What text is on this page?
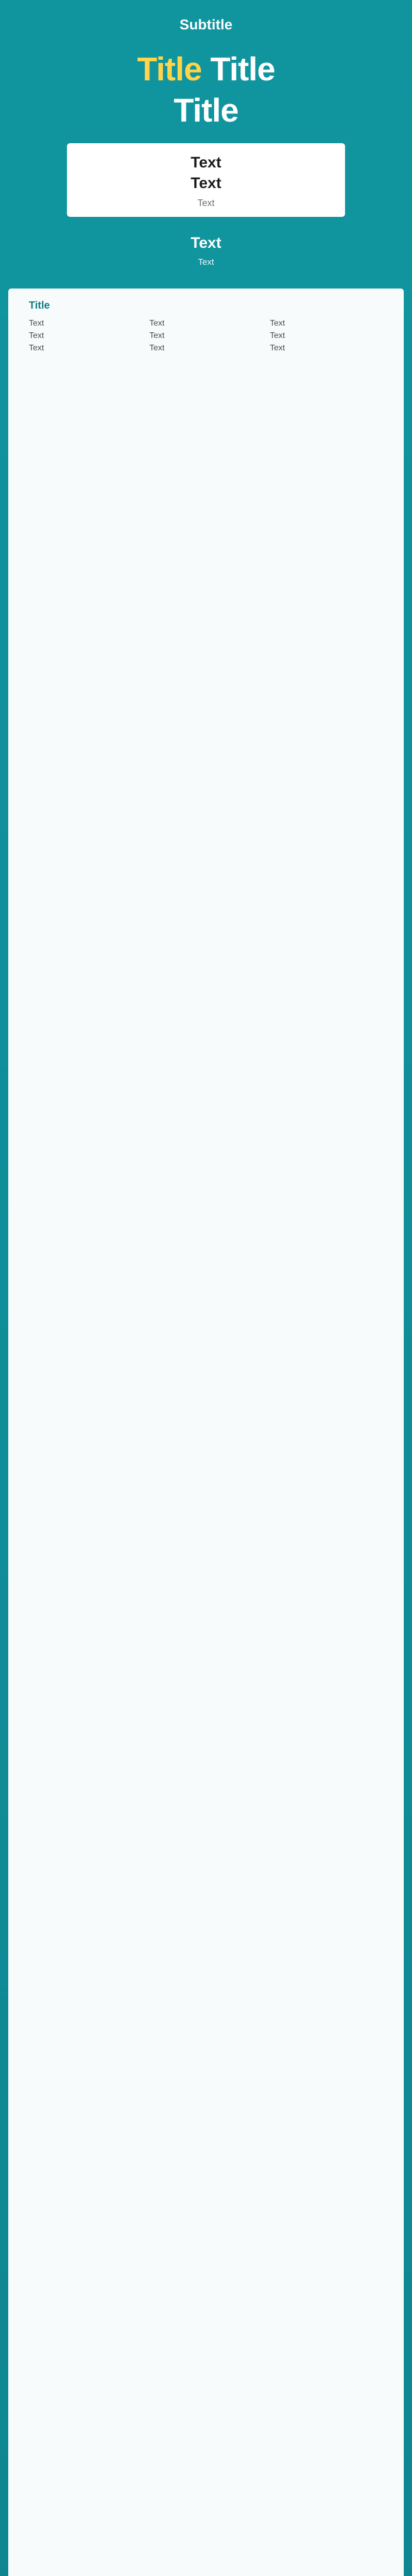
Subtitle
Title Title
Title
Text
Text
Text
Text
Text
Title
Text
Text
Text
Text
Text
Text
Text
Text
Text
